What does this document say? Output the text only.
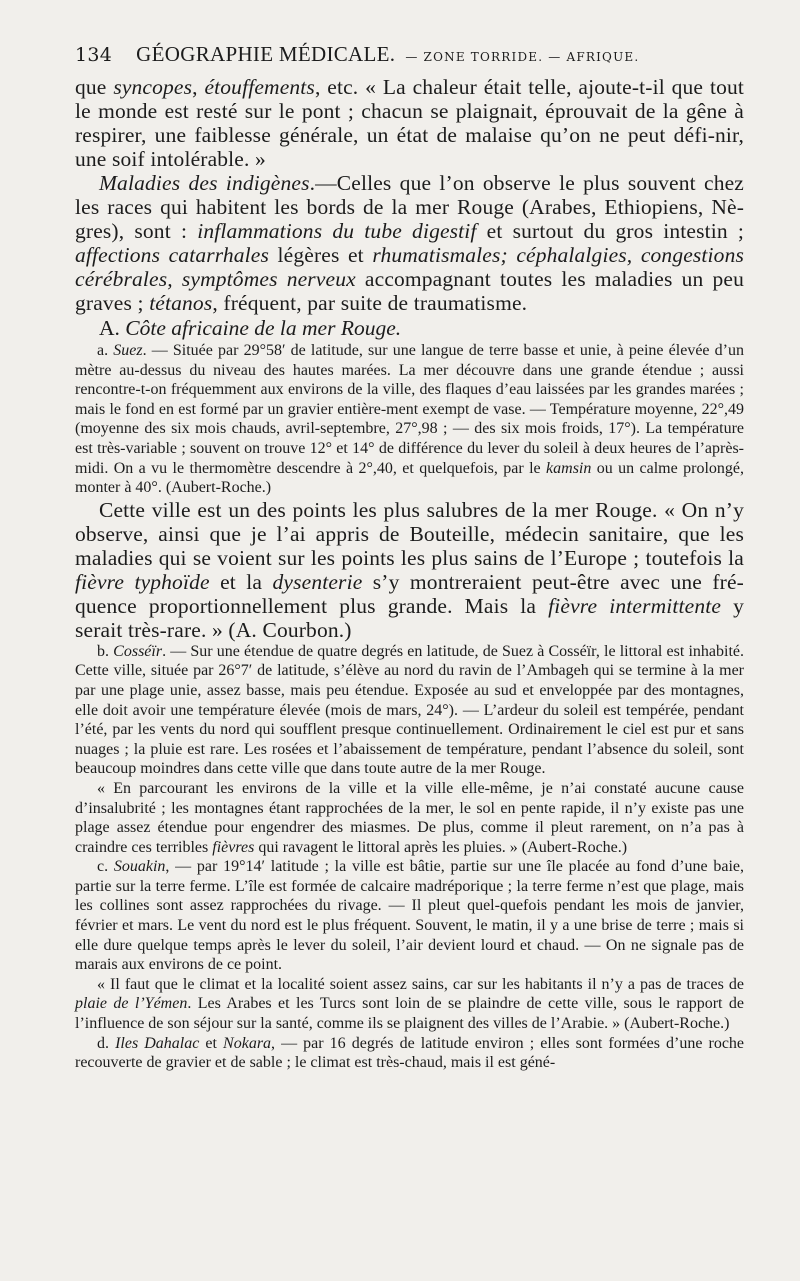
134 GÉOGRAPHIE MÉDICALE. — ZONE TORRIDE. — AFRIQUE.

que syncopes, étouffements, etc. « La chaleur était telle, ajoute-t-il que tout le monde est resté sur le pont ; chacun se plaignait, éprouvait de la gêne à respirer, une faiblesse générale, un état de malaise qu’on ne peut défi-nir, une soif intolérable. »

Maladies des indigènes.—Celles que l’on observe le plus souvent chez les races qui habitent les bords de la mer Rouge (Arabes, Ethiopiens, Nè-gres), sont : inflammations du tube digestif et surtout du gros intestin ; affections catarrhales légères et rhumatismales; céphalalgies, congestions cérébrales, symptômes nerveux accompagnant toutes les maladies un peu graves ; tétanos, fréquent, par suite de traumatisme.

A. Côte africaine de la mer Rouge.

a. Suez. — Située par 29°58′ de latitude, sur une langue de terre basse et unie, à peine élevée d’un mètre au-dessus du niveau des hautes marées. La mer découvre dans une grande étendue ; aussi rencontre-t-on fréquemment aux environs de la ville, des flaques d’eau laissées par les grandes marées ; mais le fond en est formé par un gravier entière-ment exempt de vase. — Température moyenne, 22°,49 (moyenne des six mois chauds, avril-septembre, 27°,98 ; — des six mois froids, 17°). La température est très-variable ; souvent on trouve 12° et 14° de différence du lever du soleil à deux heures de l’après-midi. On a vu le thermomètre descendre à 2°,40, et quelquefois, par le kamsin ou un calme prolongé, monter à 40°. (Aubert-Roche.)

Cette ville est un des points les plus salubres de la mer Rouge. « On n’y observe, ainsi que je l’ai appris de Bouteille, médecin sanitaire, que les maladies qui se voient sur les points les plus sains de l’Europe ; toutefois la fièvre typhoïde et la dysenterie s’y montreraient peut-être avec une fré-quence proportionnellement plus grande. Mais la fièvre intermittente y serait très-rare. » (A. Courbon.)

b. Cosséïr. — Sur une étendue de quatre degrés en latitude, de Suez à Cosséïr, le littoral est inhabité. Cette ville, située par 26°7′ de latitude, s’élève au nord du ravin de l’Ambageh qui se termine à la mer par une plage unie, assez basse, mais peu étendue. Exposée au sud et enveloppée par des montagnes, elle doit avoir une température élevée (mois de mars, 24°). — L’ardeur du soleil est tempérée, pendant l’été, par les vents du nord qui soufflent presque continuellement. Ordinairement le ciel est pur et sans nuages ; la pluie est rare. Les rosées et l’abaissement de température, pendant l’absence du soleil, sont beaucoup moindres dans cette ville que dans toute autre de la mer Rouge.

« En parcourant les environs de la ville et la ville elle-même, je n’ai constaté aucune cause d’insalubrité ; les montagnes étant rapprochées de la mer, le sol en pente rapide, il n’y existe pas une plage assez étendue pour engendrer des miasmes. De plus, comme il pleut rarement, on n’a pas à craindre ces terribles fièvres qui ravagent le littoral après les pluies. » (Aubert-Roche.)

c. Souakin, — par 19°14′ latitude ; la ville est bâtie, partie sur une île placée au fond d’une baie, partie sur la terre ferme. L’île est formée de calcaire madréporique ; la terre ferme n’est que plage, mais les collines sont assez rapprochées du rivage. — Il pleut quel-quefois pendant les mois de janvier, février et mars. Le vent du nord est le plus fréquent. Souvent, le matin, il y a une brise de terre ; mais si elle dure quelque temps après le lever du soleil, l’air devient lourd et chaud. — On ne signale pas de marais aux environs de ce point.

« Il faut que le climat et la localité soient assez sains, car sur les habitants il n’y a pas de traces de plaie de l’Yémen. Les Arabes et les Turcs sont loin de se plaindre de cette ville, sous le rapport de l’influence de son séjour sur la santé, comme ils se plaignent des villes de l’Arabie. » (Aubert-Roche.)

d. Iles Dahalac et Nokara, — par 16 degrés de latitude environ ; elles sont formées d’une roche recouverte de gravier et de sable ; le climat est très-chaud, mais il est géné-
